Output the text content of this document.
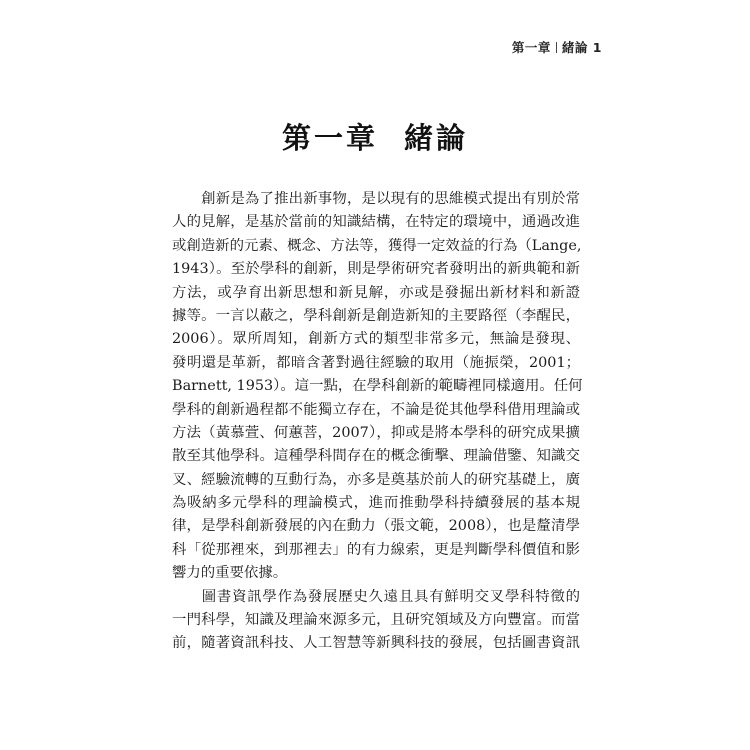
第一章 緒論 1
第一章 緒論
創新是為了推出新事物，是以現有的思維模式提出有別於常
人的見解，是基於當前的知識結構，在特定的環境中，通過改進
或創造新的元素、概念、方法等，獲得一定效益的行為（Lange,
1943）。至於學科的創新，則是學術研究者發明出的新典範和新
方法，或孕育出新思想和新見解，亦或是發掘出新材料和新證
據等。一言以蔽之，學科創新是創造新知的主要路徑（李醒民，
2006）。眾所周知，創新方式的類型非常多元，無論是發現、
發明還是革新，都暗含著對過往經驗的取用（施振榮，2001；
Barnett, 1953）。這一點，在學科創新的範疇裡同樣適用。任何
學科的創新過程都不能獨立存在，不論是從其他學科借用理論或
方法（黃慕萱、何蕙菩，2007），抑或是將本學科的研究成果擴
散至其他學科。這種學科間存在的概念衝擊、理論借鑒、知識交
叉、經驗流轉的互動行為，亦多是奠基於前人的研究基礎上，廣
為吸納多元學科的理論模式，進而推動學科持續發展的基本規
律，是學科創新發展的內在動力（張文範，2008），也是釐清學
科「從那裡來，到那裡去」的有力線索，更是判斷學科價值和影
響力的重要依據。
圖書資訊學作為發展歷史久遠且具有鮮明交叉學科特徵的
一門科學，知識及理論來源多元，且研究領域及方向豐富。而當
前，隨著資訊科技、人工智慧等新興科技的發展，包括圖書資訊
